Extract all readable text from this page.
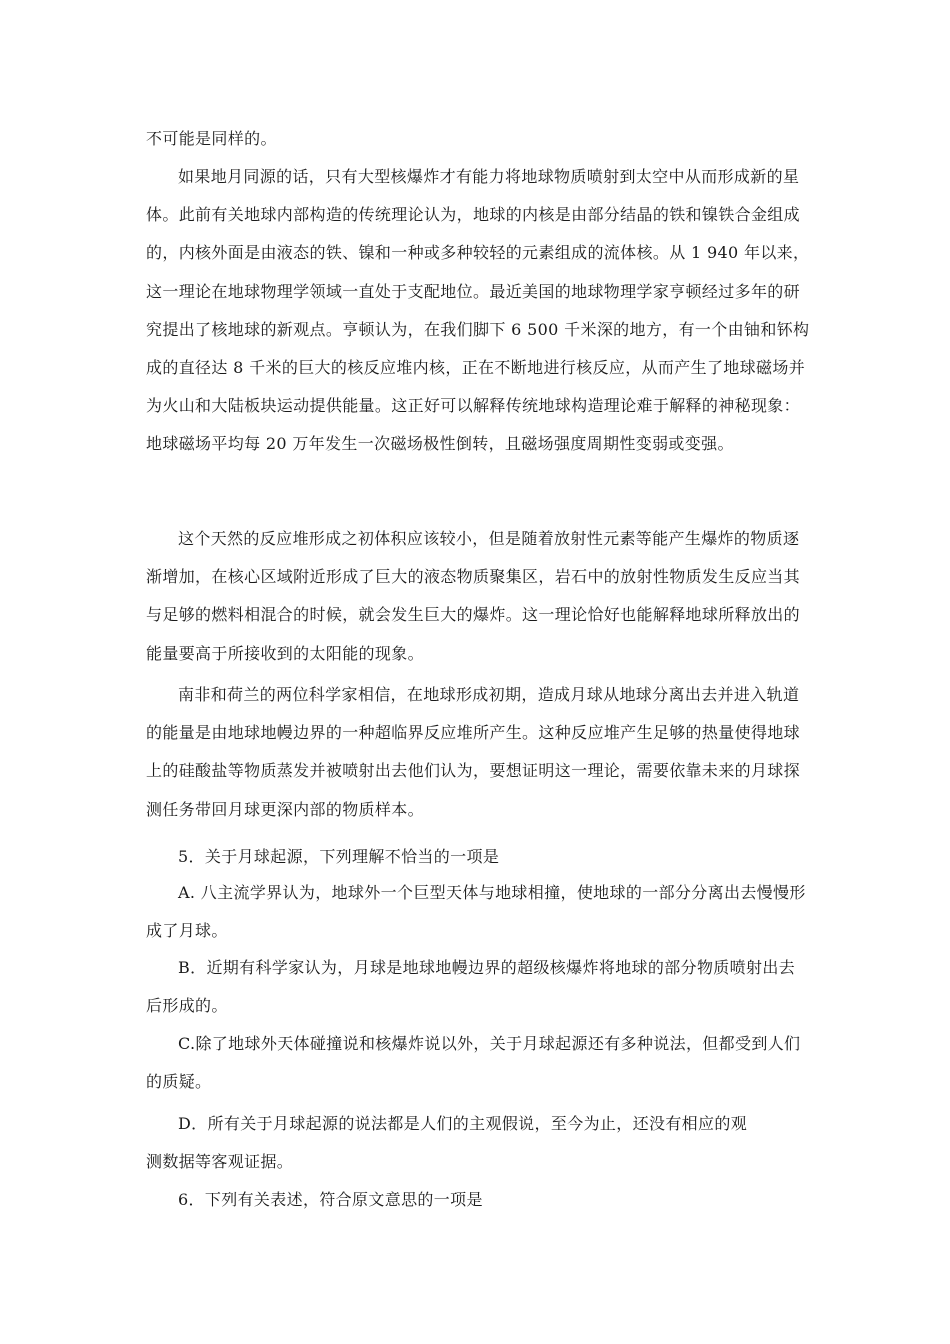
不可能是同样的。

如果地月同源的话，只有大型核爆炸才有能力将地球物质喷射到太空中从而形成新的星体。此前有关地球内部构造的传统理论认为，地球的内核是由部分结晶的铁和镍铁合金组成的，内核外面是由液态的铁、镍和一种或多种较轻的元素组成的流体核。从 1 940 年以来，这一理论在地球物理学领域一直处于支配地位。最近美国的地球物理学家亨顿经过多年的研究提出了核地球的新观点。亨顿认为，在我们脚下 6 500 千米深的地方，有一个由铀和钚构成的直径达 8 千米的巨大的核反应堆内核，正在不断地进行核反应，从而产生了地球磁场并为火山和大陆板块运动提供能量。这正好可以解释传统地球构造理论难于解释的神秘现象：地球磁场平均每 20 万年发生一次磁场极性倒转，且磁场强度周期性变弱或变强。

这个天然的反应堆形成之初体积应该较小，但是随着放射性元素等能产生爆炸的物质逐渐增加，在核心区域附近形成了巨大的液态物质聚集区，岩石中的放射性物质发生反应当其与足够的燃料相混合的时候，就会发生巨大的爆炸。这一理论恰好也能解释地球所释放出的能量要高于所接收到的太阳能的现象。

南非和荷兰的两位科学家相信，在地球形成初期，造成月球从地球分离出去并进入轨道的能量是由地球地幔边界的一种超临界反应堆所产生。这种反应堆产生足够的热量使得地球上的硅酸盐等物质蒸发并被喷射出去他们认为，要想证明这一理论，需要依靠未来的月球探测任务带回月球更深内部的物质样本。

5．关于月球起源，下列理解不恰当的一项是

A. 八主流学界认为，地球外一个巨型天体与地球相撞，使地球的一部分分离出去慢慢形成了月球。

B．近期有科学家认为，月球是地球地幔边界的超级核爆炸将地球的部分物质喷射出去后形成的。

C.除了地球外天体碰撞说和核爆炸说以外，关于月球起源还有多种说法，但都受到人们的质疑。

D．所有关于月球起源的说法都是人们的主观假说，至今为止，还没有相应的观

测数据等客观证据。

6．下列有关表述，符合原文意思的一项是
